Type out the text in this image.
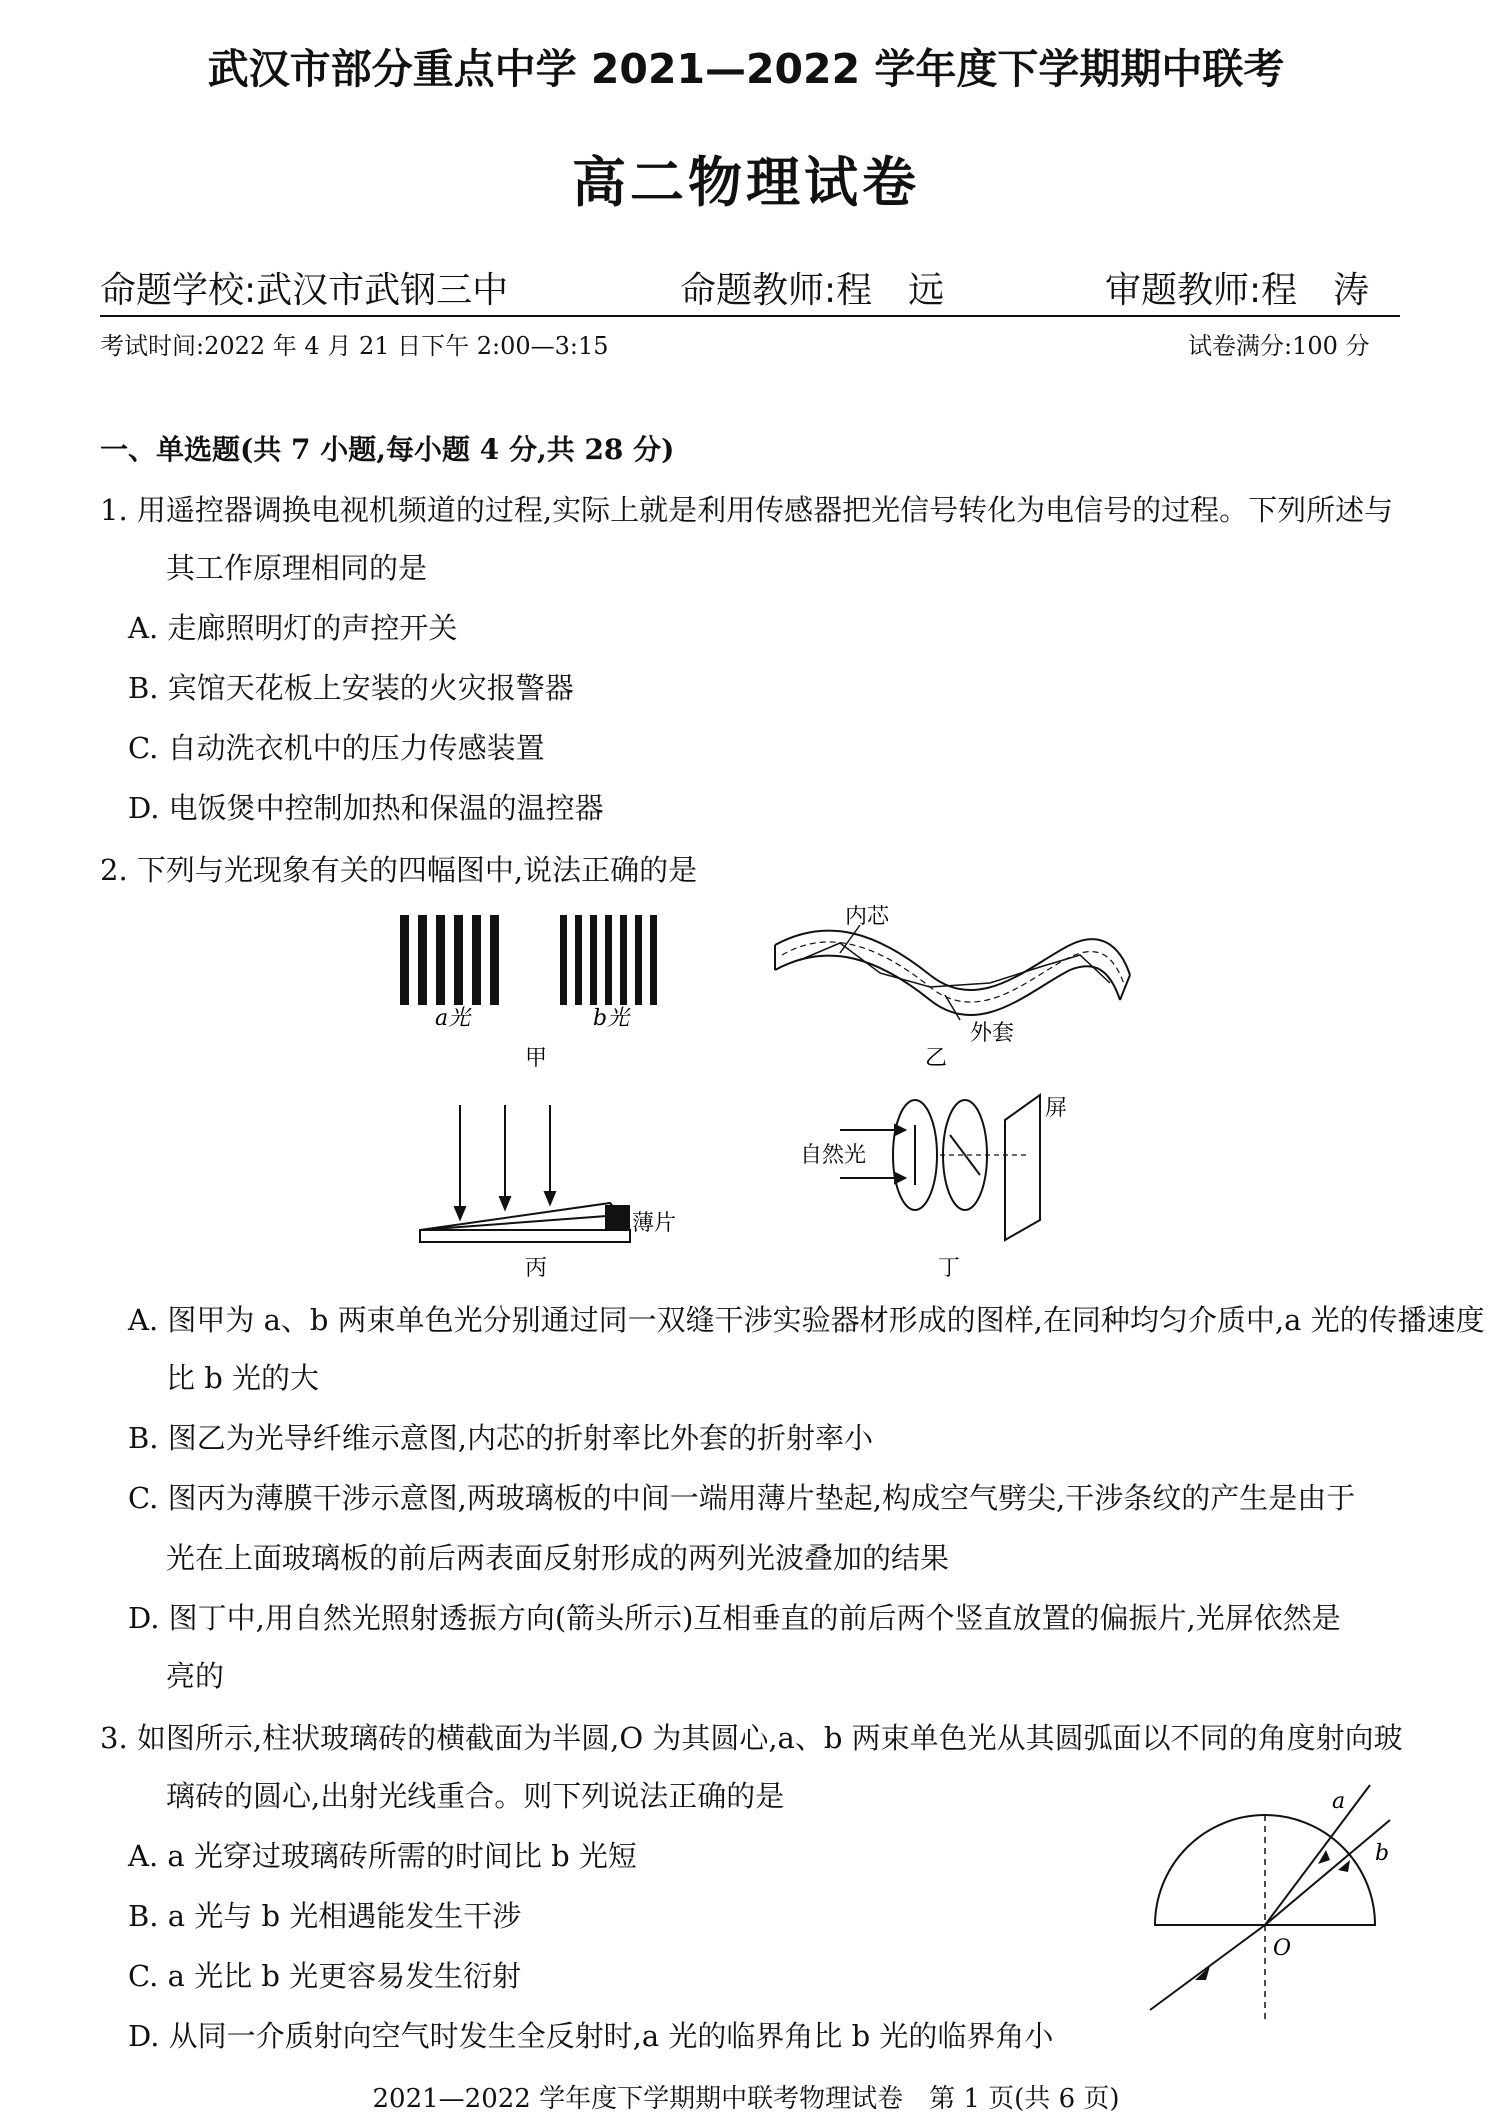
武汉市部分重点中学 2021—2022 学年度下学期期中联考
高二物理试卷
命题学校:武汉市武钢三中	命题教师:程　远	审题教师:程　涛
考试时间:2022 年 4 月 21 日下午 2:00—3:15	试卷满分:100 分
一、单选题(共 7 小题,每小题 4 分,共 28 分)
1. 用遥控器调换电视机频道的过程,实际上就是利用传感器把光信号转化为电信号的过程。下列所述与
其工作原理相同的是
A. 走廊照明灯的声控开关
B. 宾馆天花板上安装的火灾报警器
C. 自动洗衣机中的压力传感装置
D. 电饭煲中控制加热和保温的温控器
2. 下列与光现象有关的四幅图中,说法正确的是
a光	b光
甲
内芯
外套
乙
薄片
丙
自然光
屏
丁
A. 图甲为 a、b 两束单色光分别通过同一双缝干涉实验器材形成的图样,在同种均匀介质中,a 光的传播速度
比 b 光的大
B. 图乙为光导纤维示意图,内芯的折射率比外套的折射率小
C. 图丙为薄膜干涉示意图,两玻璃板的中间一端用薄片垫起,构成空气劈尖,干涉条纹的产生是由于
光在上面玻璃板的前后两表面反射形成的两列光波叠加的结果
D. 图丁中,用自然光照射透振方向(箭头所示)互相垂直的前后两个竖直放置的偏振片,光屏依然是
亮的
3. 如图所示,柱状玻璃砖的横截面为半圆,O 为其圆心,a、b 两束单色光从其圆弧面以不同的角度射向玻
璃砖的圆心,出射光线重合。则下列说法正确的是
A. a 光穿过玻璃砖所需的时间比 b 光短
B. a 光与 b 光相遇能发生干涉
C. a 光比 b 光更容易发生衍射
D. 从同一介质射向空气时发生全反射时,a 光的临界角比 b 光的临界角小
a
b
O
2021—2022 学年度下学期期中联考物理试卷　第 1 页(共 6 页)
